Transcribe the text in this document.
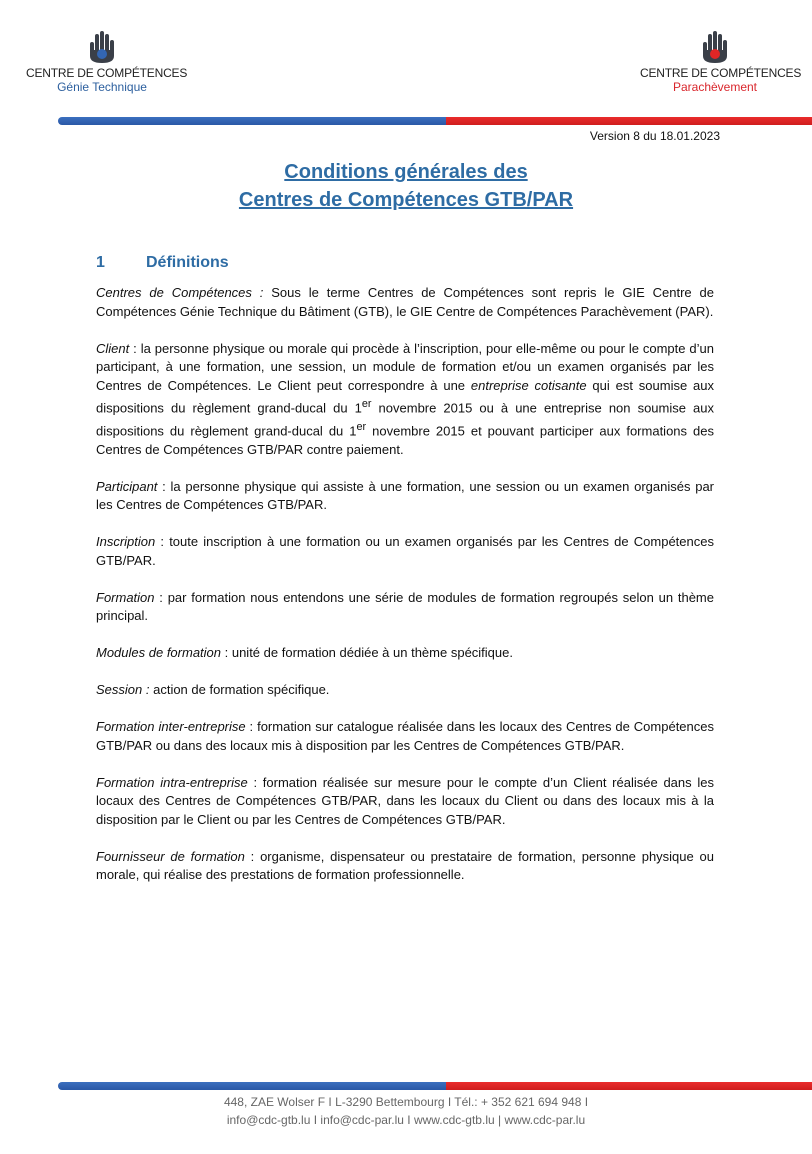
CENTRE DE COMPÉTENCES
Génie Technique
CENTRE DE COMPÉTENCES
Parachèvement
Version 8 du 18.01.2023
Conditions générales des
Centres de Compétences GTB/PAR
1	Définitions

Centres de Compétences : Sous le terme Centres de Compétences sont repris le GIE Centre de Compétences Génie Technique du Bâtiment (GTB), le GIE Centre de Compétences Parachèvement (PAR).

Client : la personne physique ou morale qui procède à l’inscription, pour elle-même ou pour le compte d’un participant, à une formation, une session, un module de formation et/ou un examen organisés par les Centres de Compétences. Le Client peut correspondre à une entreprise cotisante qui est soumise aux dispositions du règlement grand-ducal du 1er novembre 2015 ou à une entreprise non soumise aux dispositions du règlement grand-ducal du 1er novembre 2015 et pouvant participer aux formations des Centres de Compétences GTB/PAR contre paiement.

Participant : la personne physique qui assiste à une formation, une session ou un examen organisés par les Centres de Compétences GTB/PAR.

Inscription : toute inscription à une formation ou un examen organisés par les Centres de Compétences GTB/PAR.

Formation : par formation nous entendons une série de modules de formation regroupés selon un thème principal.

Modules de formation : unité de formation dédiée à un thème spécifique.

Session : action de formation spécifique.

Formation inter-entreprise : formation sur catalogue réalisée dans les locaux des Centres de Compétences GTB/PAR ou dans des locaux mis à disposition par les Centres de Compétences GTB/PAR.

Formation intra-entreprise : formation réalisée sur mesure pour le compte d’un Client réalisée dans les locaux des Centres de Compétences GTB/PAR, dans les locaux du Client ou dans des locaux mis à la disposition par le Client ou par les Centres de Compétences GTB/PAR.

Fournisseur de formation : organisme, dispensateur ou prestataire de formation, personne physique ou morale, qui réalise des prestations de formation professionnelle.

448, ZAE Wolser F I L-3290 Bettembourg I Tél.: + 352 621 694 948 I
info@cdc-gtb.lu I info@cdc-par.lu I www.cdc-gtb.lu | www.cdc-par.lu
